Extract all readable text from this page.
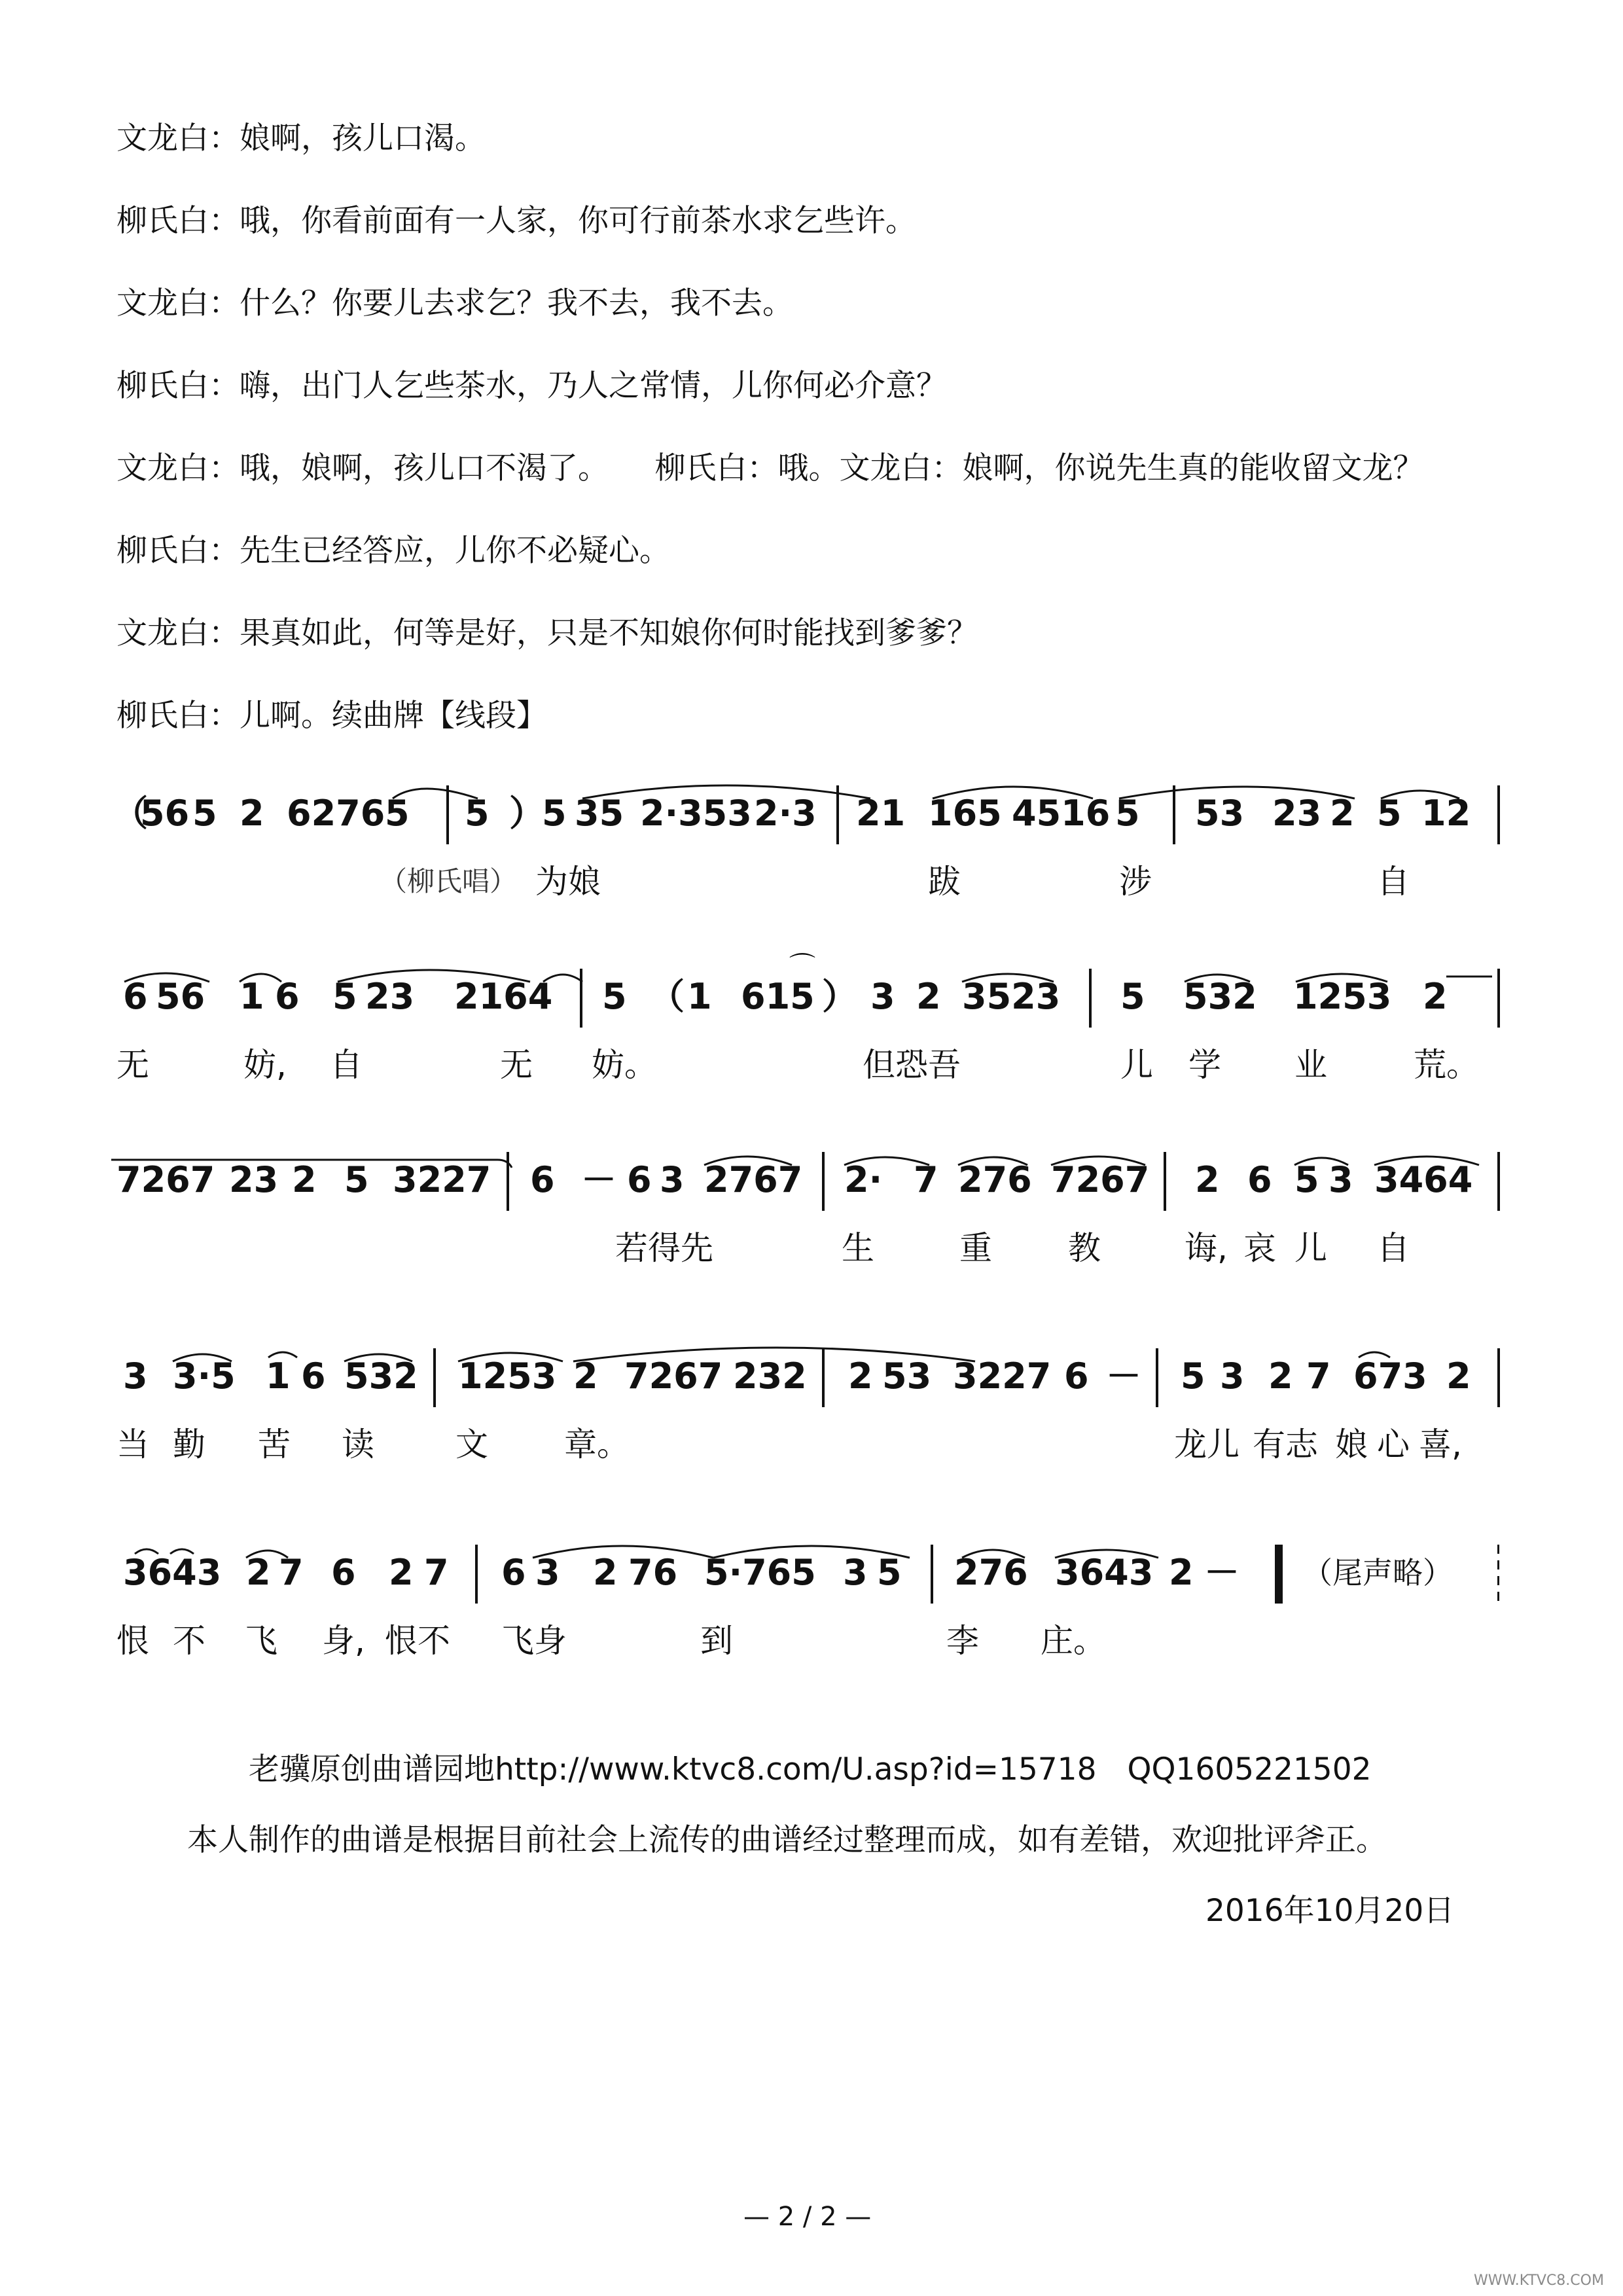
文龙白：娘啊，孩儿口渴。
柳氏白：哦，你看前面有一人家，你可行前茶水求乞些许。
文龙白：什么？你要儿去求乞？我不去，我不去。
柳氏白：嗨，出门人乞些茶水，乃人之常情，儿你何必介意？
文龙白：哦，娘啊，孩儿口不渴了。　　柳氏白：哦。文龙白：娘啊，你说先生真的能收留文龙？
柳氏白：先生已经答应，儿你不必疑心。
文龙白：果真如此，何等是好，只是不知娘你何时能找到爹爹？
柳氏白：儿啊。续曲牌【线段】
（
56 5 2 6276 5 5 ）
5 35 2·353 2·3 21 165 4516 5 53 23 2 5 12
（柳氏唱） 为娘	跋	涉	自
6 56 1 6 5 23 2164 5 （ 1 615 ） 3 2 3523 5 532 1253 2
⌒
无	妨, 自	无 妨。	但恐吾	儿 学 业	荒。
7267 23 2 5 3227 6 － 6 3 2767 2· 7 276 7267 2 6 5 3 3464
若得先	生	重 教	诲, 哀 儿 自
3 3·5 1 6 532 1253 2 7267 232 2 53 3227 6 － 5 3 2 7 673 2
当 勤 苦 读 文 章。	龙儿 有志 娘 心 喜,
3643 2 7 6 2 7 6 3 2 76 5·765 3 5 276 3643 2 － （尾声略）
恨 不 飞 身, 恨不 飞身	到	李 庄。
老骥原创曲谱园地http://www.ktvc8.com/U.asp?id=15718　QQ1605221502
本人制作的曲谱是根据目前社会上流传的曲谱经过整理而成，如有差错，欢迎批评斧正。
2016年10月20日
— 2 / 2 —
WWW.KTVC8.COM
